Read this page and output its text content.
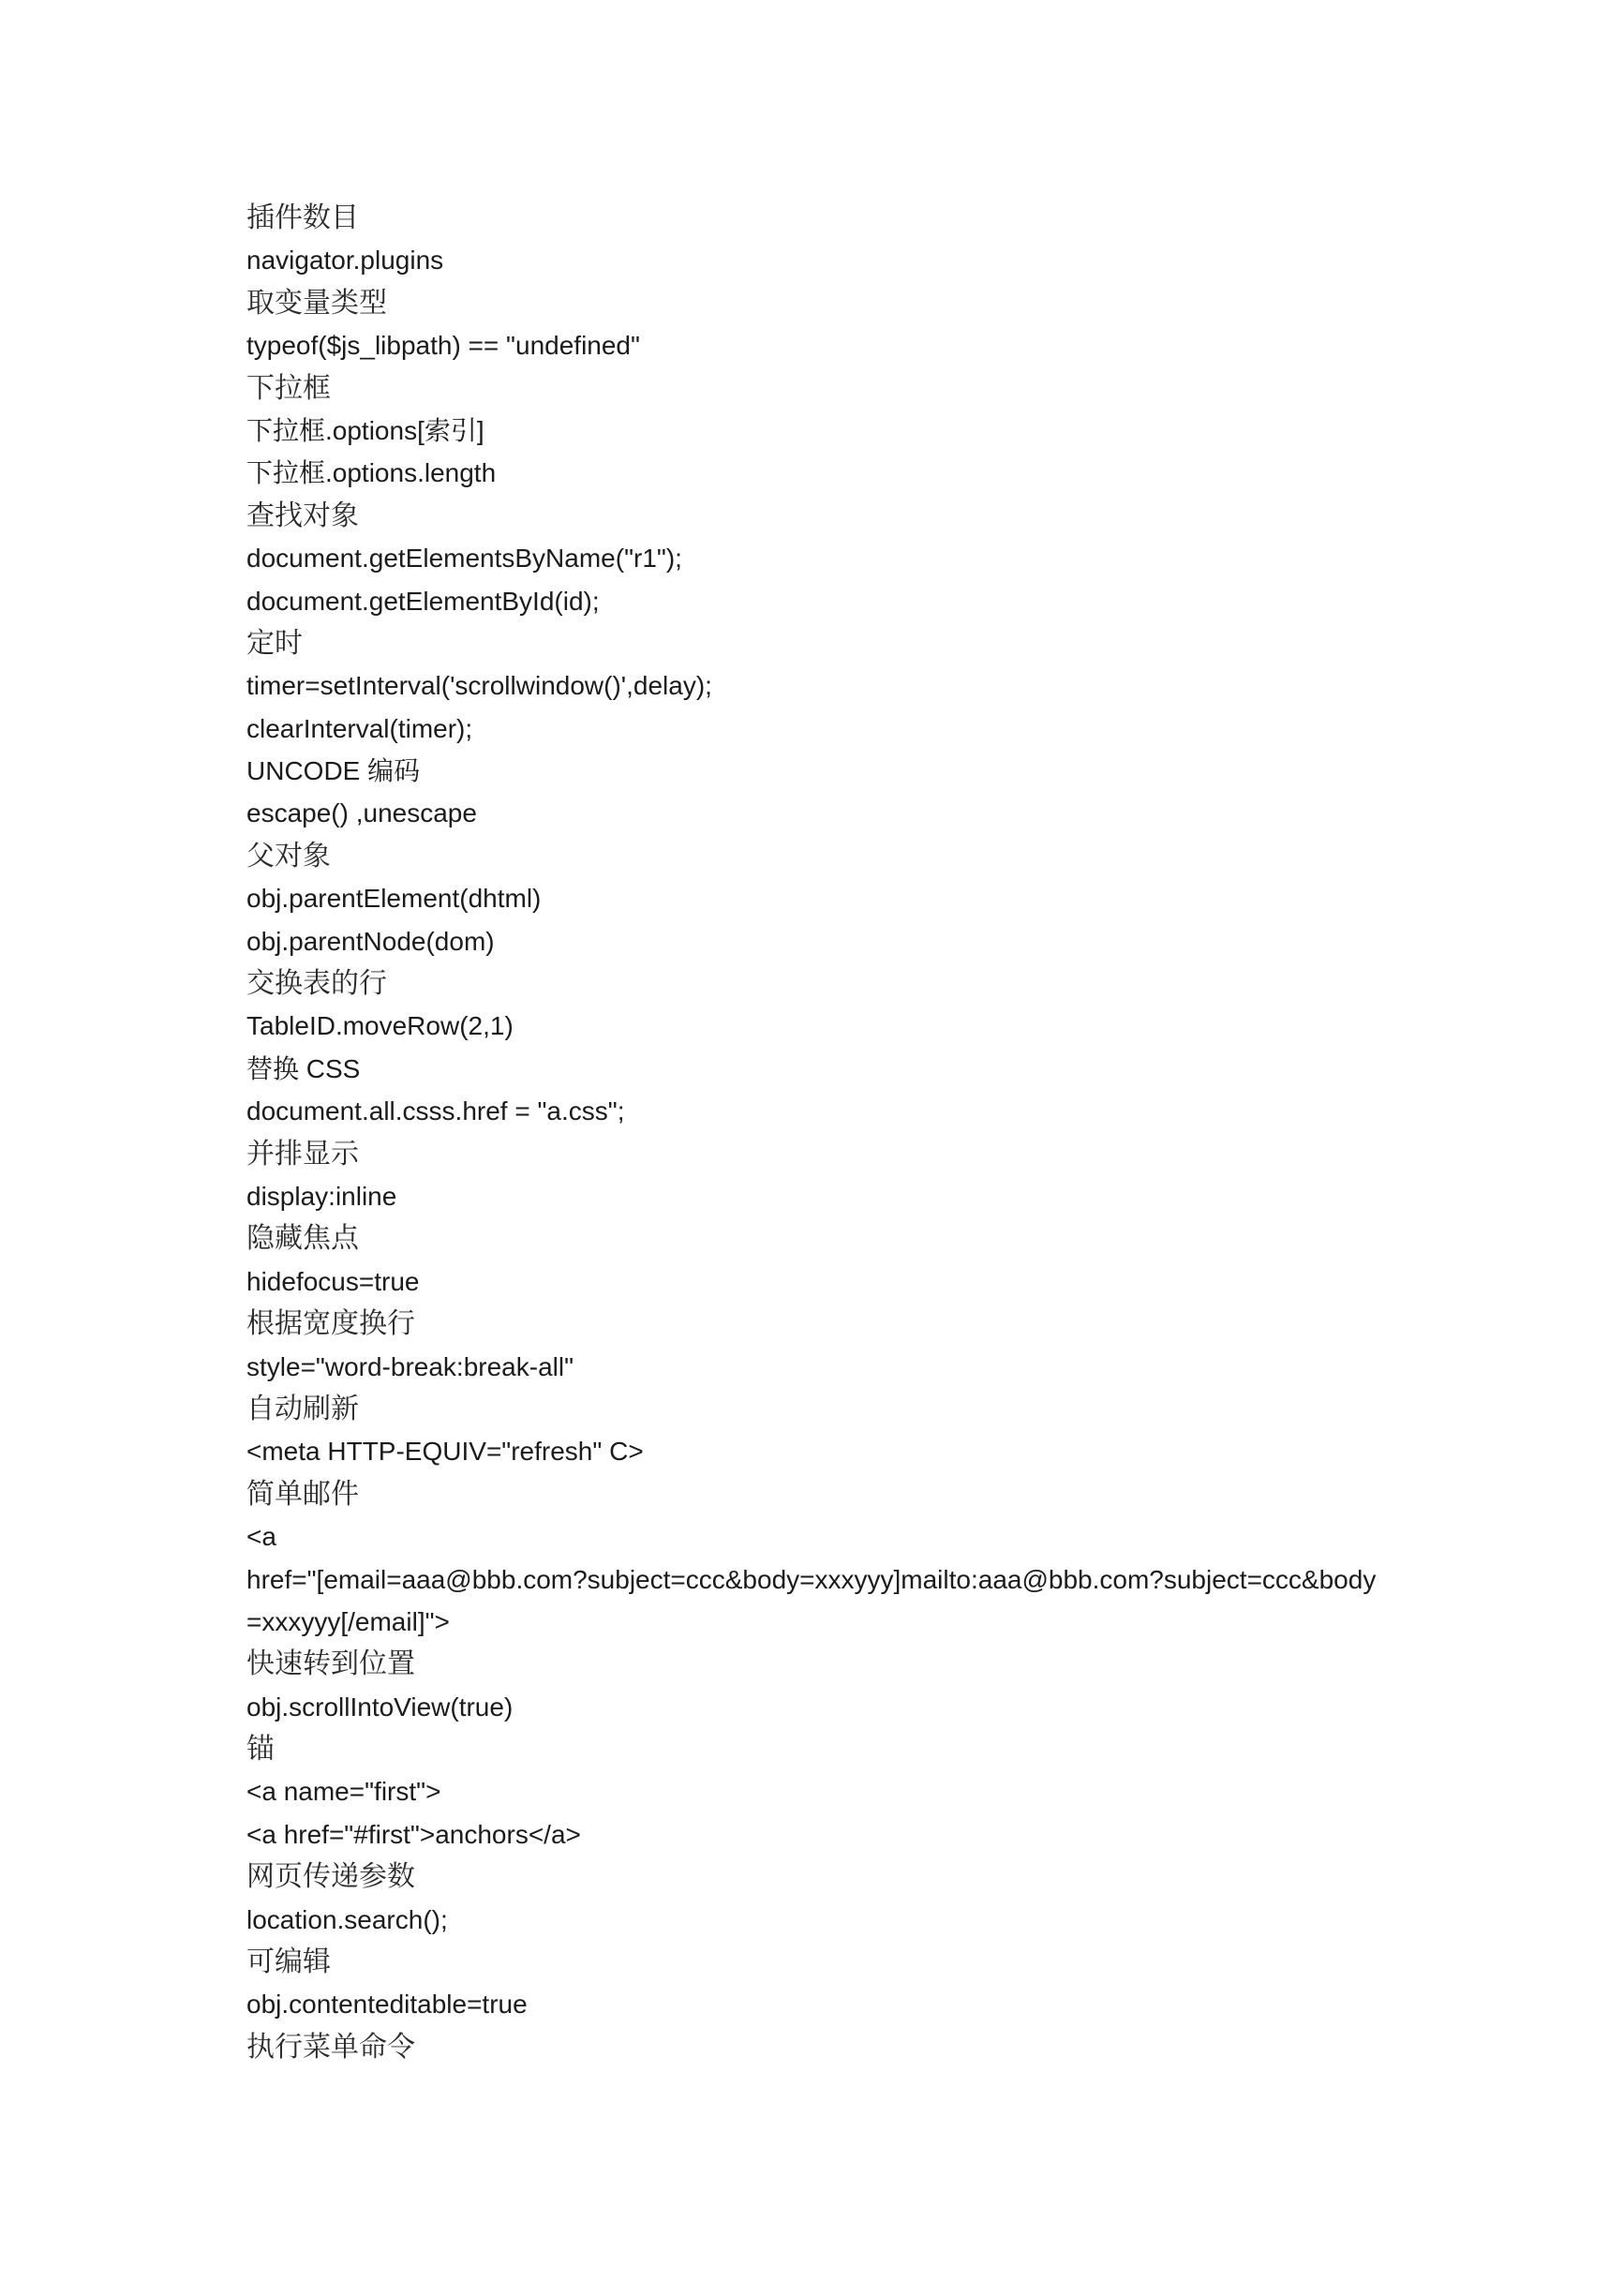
插件数目
navigator.plugins
取变量类型
typeof($js_libpath) == "undefined"
下拉框
下拉框.options[索引]
下拉框.options.length
查找对象
document.getElementsByName("r1");
document.getElementById(id);
定时
timer=setInterval('scrollwindow()',delay);
clearInterval(timer);
UNCODE 编码
escape() ,unescape
父对象
obj.parentElement(dhtml)
obj.parentNode(dom)
交换表的行
TableID.moveRow(2,1)
替换 CSS
document.all.csss.href = "a.css";
并排显示
display:inline
隐藏焦点
hidefocus=true
根据宽度换行
style="word-break:break-all"
自动刷新
<meta HTTP-EQUIV="refresh" C>
简单邮件
<a
href="[email=aaa@bbb.com?subject=ccc&body=xxxyyy]mailto:aaa@bbb.com?subject=ccc&body
=xxxyyy[/email]">
快速转到位置
obj.scrollIntoView(true)
锚
<a name="first">
<a href="#first">anchors</a>
网页传递参数
location.search();
可编辑
obj.contenteditable=true
执行菜单命令
